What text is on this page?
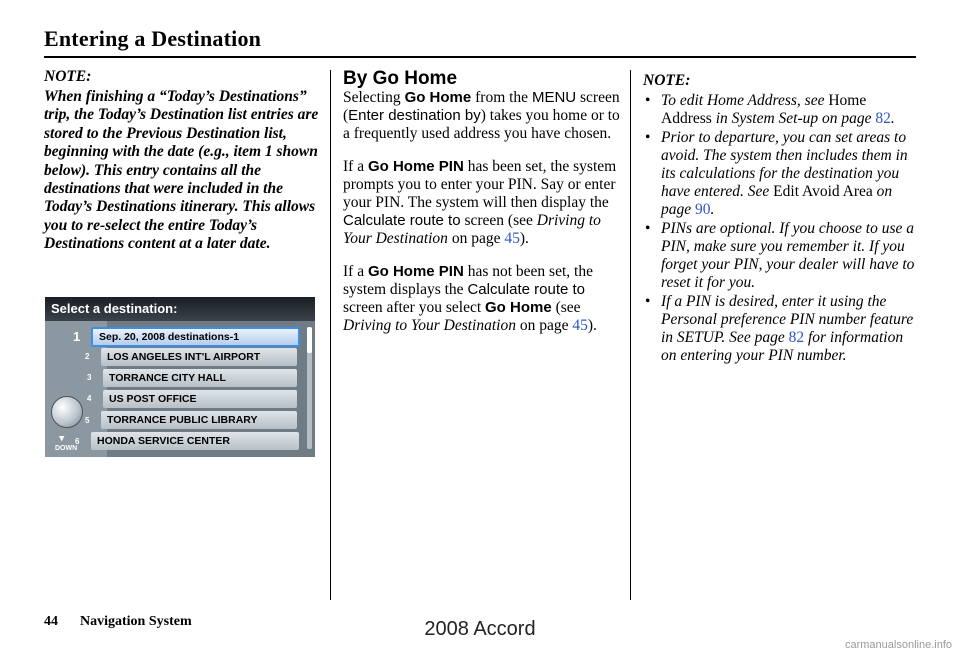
Entering a Destination
NOTE:
When finishing a “Today’s Destinations” trip, the Today’s Destination list entries are stored to the Previous Destination list, beginning with the date (e.g., item 1 shown below). This entry contains all the destinations that were included in the Today’s Destinations itinerary. This allows you to re-select the entire Today’s Destinations content at a later date.
Select a destination:
▼
DOWN
1	Sep. 20, 2008 destinations-1
2	LOS ANGELES INT'L AIRPORT
3	TORRANCE CITY HALL
4	US POST OFFICE
5	TORRANCE PUBLIC LIBRARY
6	HONDA SERVICE CENTER
By Go Home

Selecting Go Home from the MENU screen (Enter destination by) takes you home or to a frequently used address you have chosen.

If a Go Home PIN has been set, the system prompts you to enter your PIN. Say or enter your PIN. The system will then display the Calculate route to screen (see Driving to Your Destination on page 45).

If a Go Home PIN has not been set, the system displays the Calculate route to screen after you select Go Home (see Driving to Your Destination on page 45).

NOTE:
• To edit Home Address, see Home Address in System Set-up on page 82.
• Prior to departure, you can set areas to avoid. The system then includes them in its calculations for the destination you have entered. See Edit Avoid Area on page 90.
• PINs are optional. If you choose to use a PIN, make sure you remember it. If you forget your PIN, your dealer will have to reset it for you.
• If a PIN is desired, enter it using the Personal preference PIN number feature in SETUP. See page 82 for information on entering your PIN number.
44 Navigation System	2008 Accord
carmanualsonline.info
